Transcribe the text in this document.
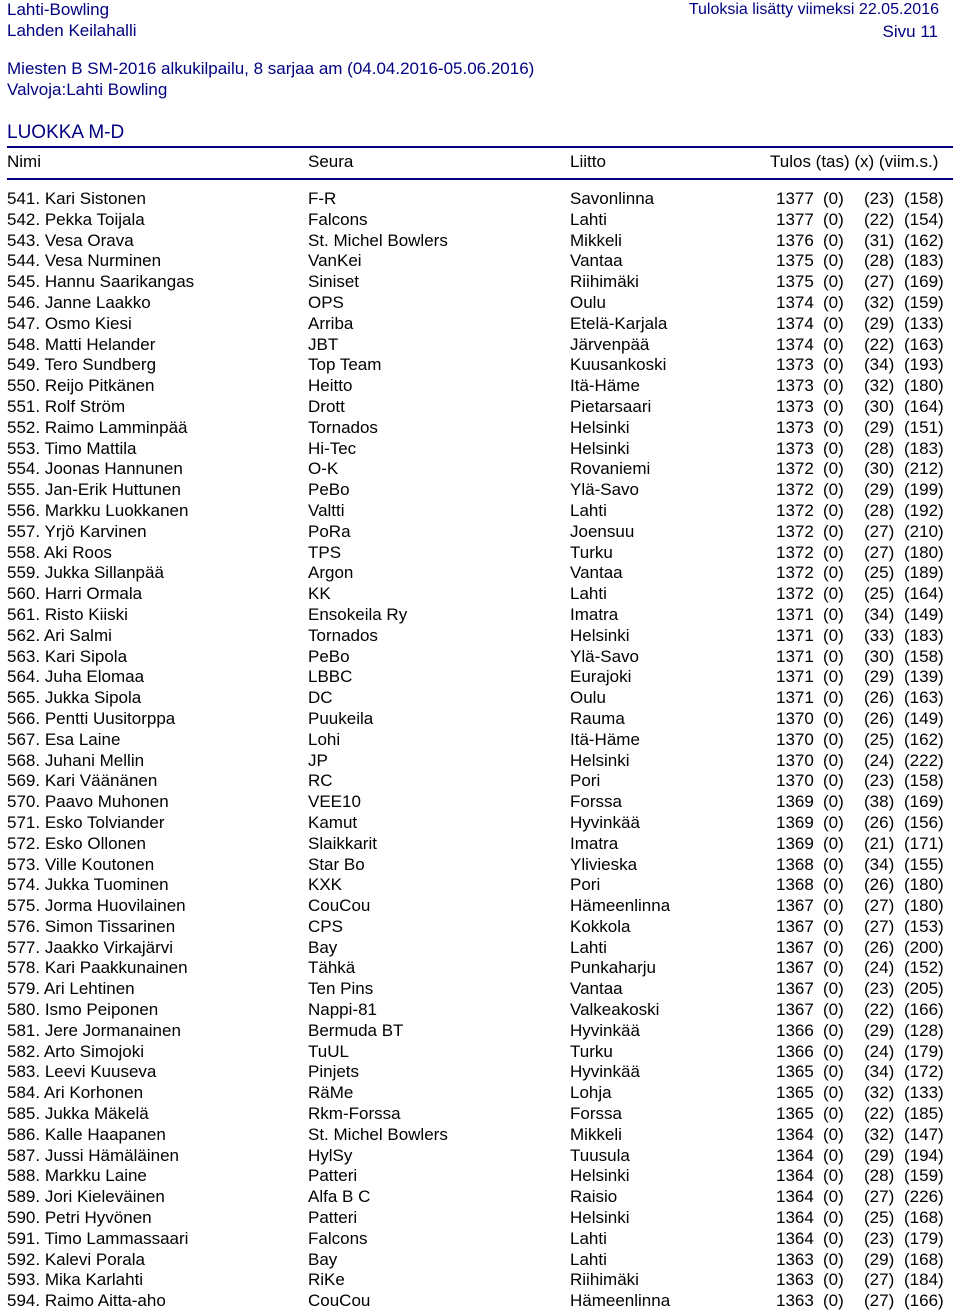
Lahti-Bowling
Lahden Keilahalli
Tuloksia lisätty viimeksi 22.05.2016
Sivu 11
Miesten B SM-2016 alkukilpailu, 8 sarjaa am (04.04.2016-05.06.2016)
Valvoja:Lahti Bowling
LUOKKA M-D
Nimi	Seura	Liitto	Tulos (tas) (x) (viim.s.)
541. Kari Sistonen	F-R	Savonlinna	1377 (0) (23) (158)
542. Pekka Toijala	Falcons	Lahti	1377 (0) (22) (154)
543. Vesa Orava	St. Michel Bowlers	Mikkeli	1376 (0) (31) (162)
544. Vesa Nurminen	VanKei	Vantaa	1375 (0) (28) (183)
545. Hannu Saarikangas	Siniset	Riihimäki	1375 (0) (27) (169)
546. Janne Laakko	OPS	Oulu	1374 (0) (32) (159)
547. Osmo Kiesi	Arriba	Etelä-Karjala	1374 (0) (29) (133)
548. Matti Helander	JBT	Järvenpää	1374 (0) (22) (163)
549. Tero Sundberg	Top Team	Kuusankoski	1373 (0) (34) (193)
550. Reijo Pitkänen	Heitto	Itä-Häme	1373 (0) (32) (180)
551. Rolf Ström	Drott	Pietarsaari	1373 (0) (30) (164)
552. Raimo Lamminpää	Tornados	Helsinki	1373 (0) (29) (151)
553. Timo Mattila	Hi-Tec	Helsinki	1373 (0) (28) (183)
554. Joonas Hannunen	O-K	Rovaniemi	1372 (0) (30) (212)
555. Jan-Erik Huttunen	PeBo	Ylä-Savo	1372 (0) (29) (199)
556. Markku Luokkanen	Valtti	Lahti	1372 (0) (28) (192)
557. Yrjö Karvinen	PoRa	Joensuu	1372 (0) (27) (210)
558. Aki Roos	TPS	Turku	1372 (0) (27) (180)
559. Jukka Sillanpää	Argon	Vantaa	1372 (0) (25) (189)
560. Harri Ormala	KK	Lahti	1372 (0) (25) (164)
561. Risto Kiiski	Ensokeila Ry	Imatra	1371 (0) (34) (149)
562. Ari Salmi	Tornados	Helsinki	1371 (0) (33) (183)
563. Kari Sipola	PeBo	Ylä-Savo	1371 (0) (30) (158)
564. Juha Elomaa	LBBC	Eurajoki	1371 (0) (29) (139)
565. Jukka Sipola	DC	Oulu	1371 (0) (26) (163)
566. Pentti Uusitorppa	Puukeila	Rauma	1370 (0) (26) (149)
567. Esa Laine	Lohi	Itä-Häme	1370 (0) (25) (162)
568. Juhani Mellin	JP	Helsinki	1370 (0) (24) (222)
569. Kari Väänänen	RC	Pori	1370 (0) (23) (158)
570. Paavo Muhonen	VEE10	Forssa	1369 (0) (38) (169)
571. Esko Tolviander	Kamut	Hyvinkää	1369 (0) (26) (156)
572. Esko Ollonen	Slaikkarit	Imatra	1369 (0) (21) (171)
573. Ville Koutonen	Star Bo	Ylivieska	1368 (0) (34) (155)
574. Jukka Tuominen	KXK	Pori	1368 (0) (26) (180)
575. Jorma Huovilainen	CouCou	Hämeenlinna	1367 (0) (27) (180)
576. Simon Tissarinen	CPS	Kokkola	1367 (0) (27) (153)
577. Jaakko Virkajärvi	Bay	Lahti	1367 (0) (26) (200)
578. Kari Paakkunainen	Tähkä	Punkaharju	1367 (0) (24) (152)
579. Ari Lehtinen	Ten Pins	Vantaa	1367 (0) (23) (205)
580. Ismo Peiponen	Nappi-81	Valkeakoski	1367 (0) (22) (166)
581. Jere Jormanainen	Bermuda BT	Hyvinkää	1366 (0) (29) (128)
582. Arto Simojoki	TuUL	Turku	1366 (0) (24) (179)
583. Leevi Kuuseva	Pinjets	Hyvinkää	1365 (0) (34) (172)
584. Ari Korhonen	RäMe	Lohja	1365 (0) (32) (133)
585. Jukka Mäkelä	Rkm-Forssa	Forssa	1365 (0) (22) (185)
586. Kalle Haapanen	St. Michel Bowlers	Mikkeli	1364 (0) (32) (147)
587. Jussi Hämäläinen	HylSy	Tuusula	1364 (0) (29) (194)
588. Markku Laine	Patteri	Helsinki	1364 (0) (28) (159)
589. Jori Kieleväinen	Alfa B C	Raisio	1364 (0) (27) (226)
590. Petri Hyvönen	Patteri	Helsinki	1364 (0) (25) (168)
591. Timo Lammassaari	Falcons	Lahti	1364 (0) (23) (179)
592. Kalevi Porala	Bay	Lahti	1363 (0) (29) (168)
593. Mika Karlahti	RiKe	Riihimäki	1363 (0) (27) (184)
594. Raimo Aitta-aho	CouCou	Hämeenlinna	1363 (0) (27) (166)
